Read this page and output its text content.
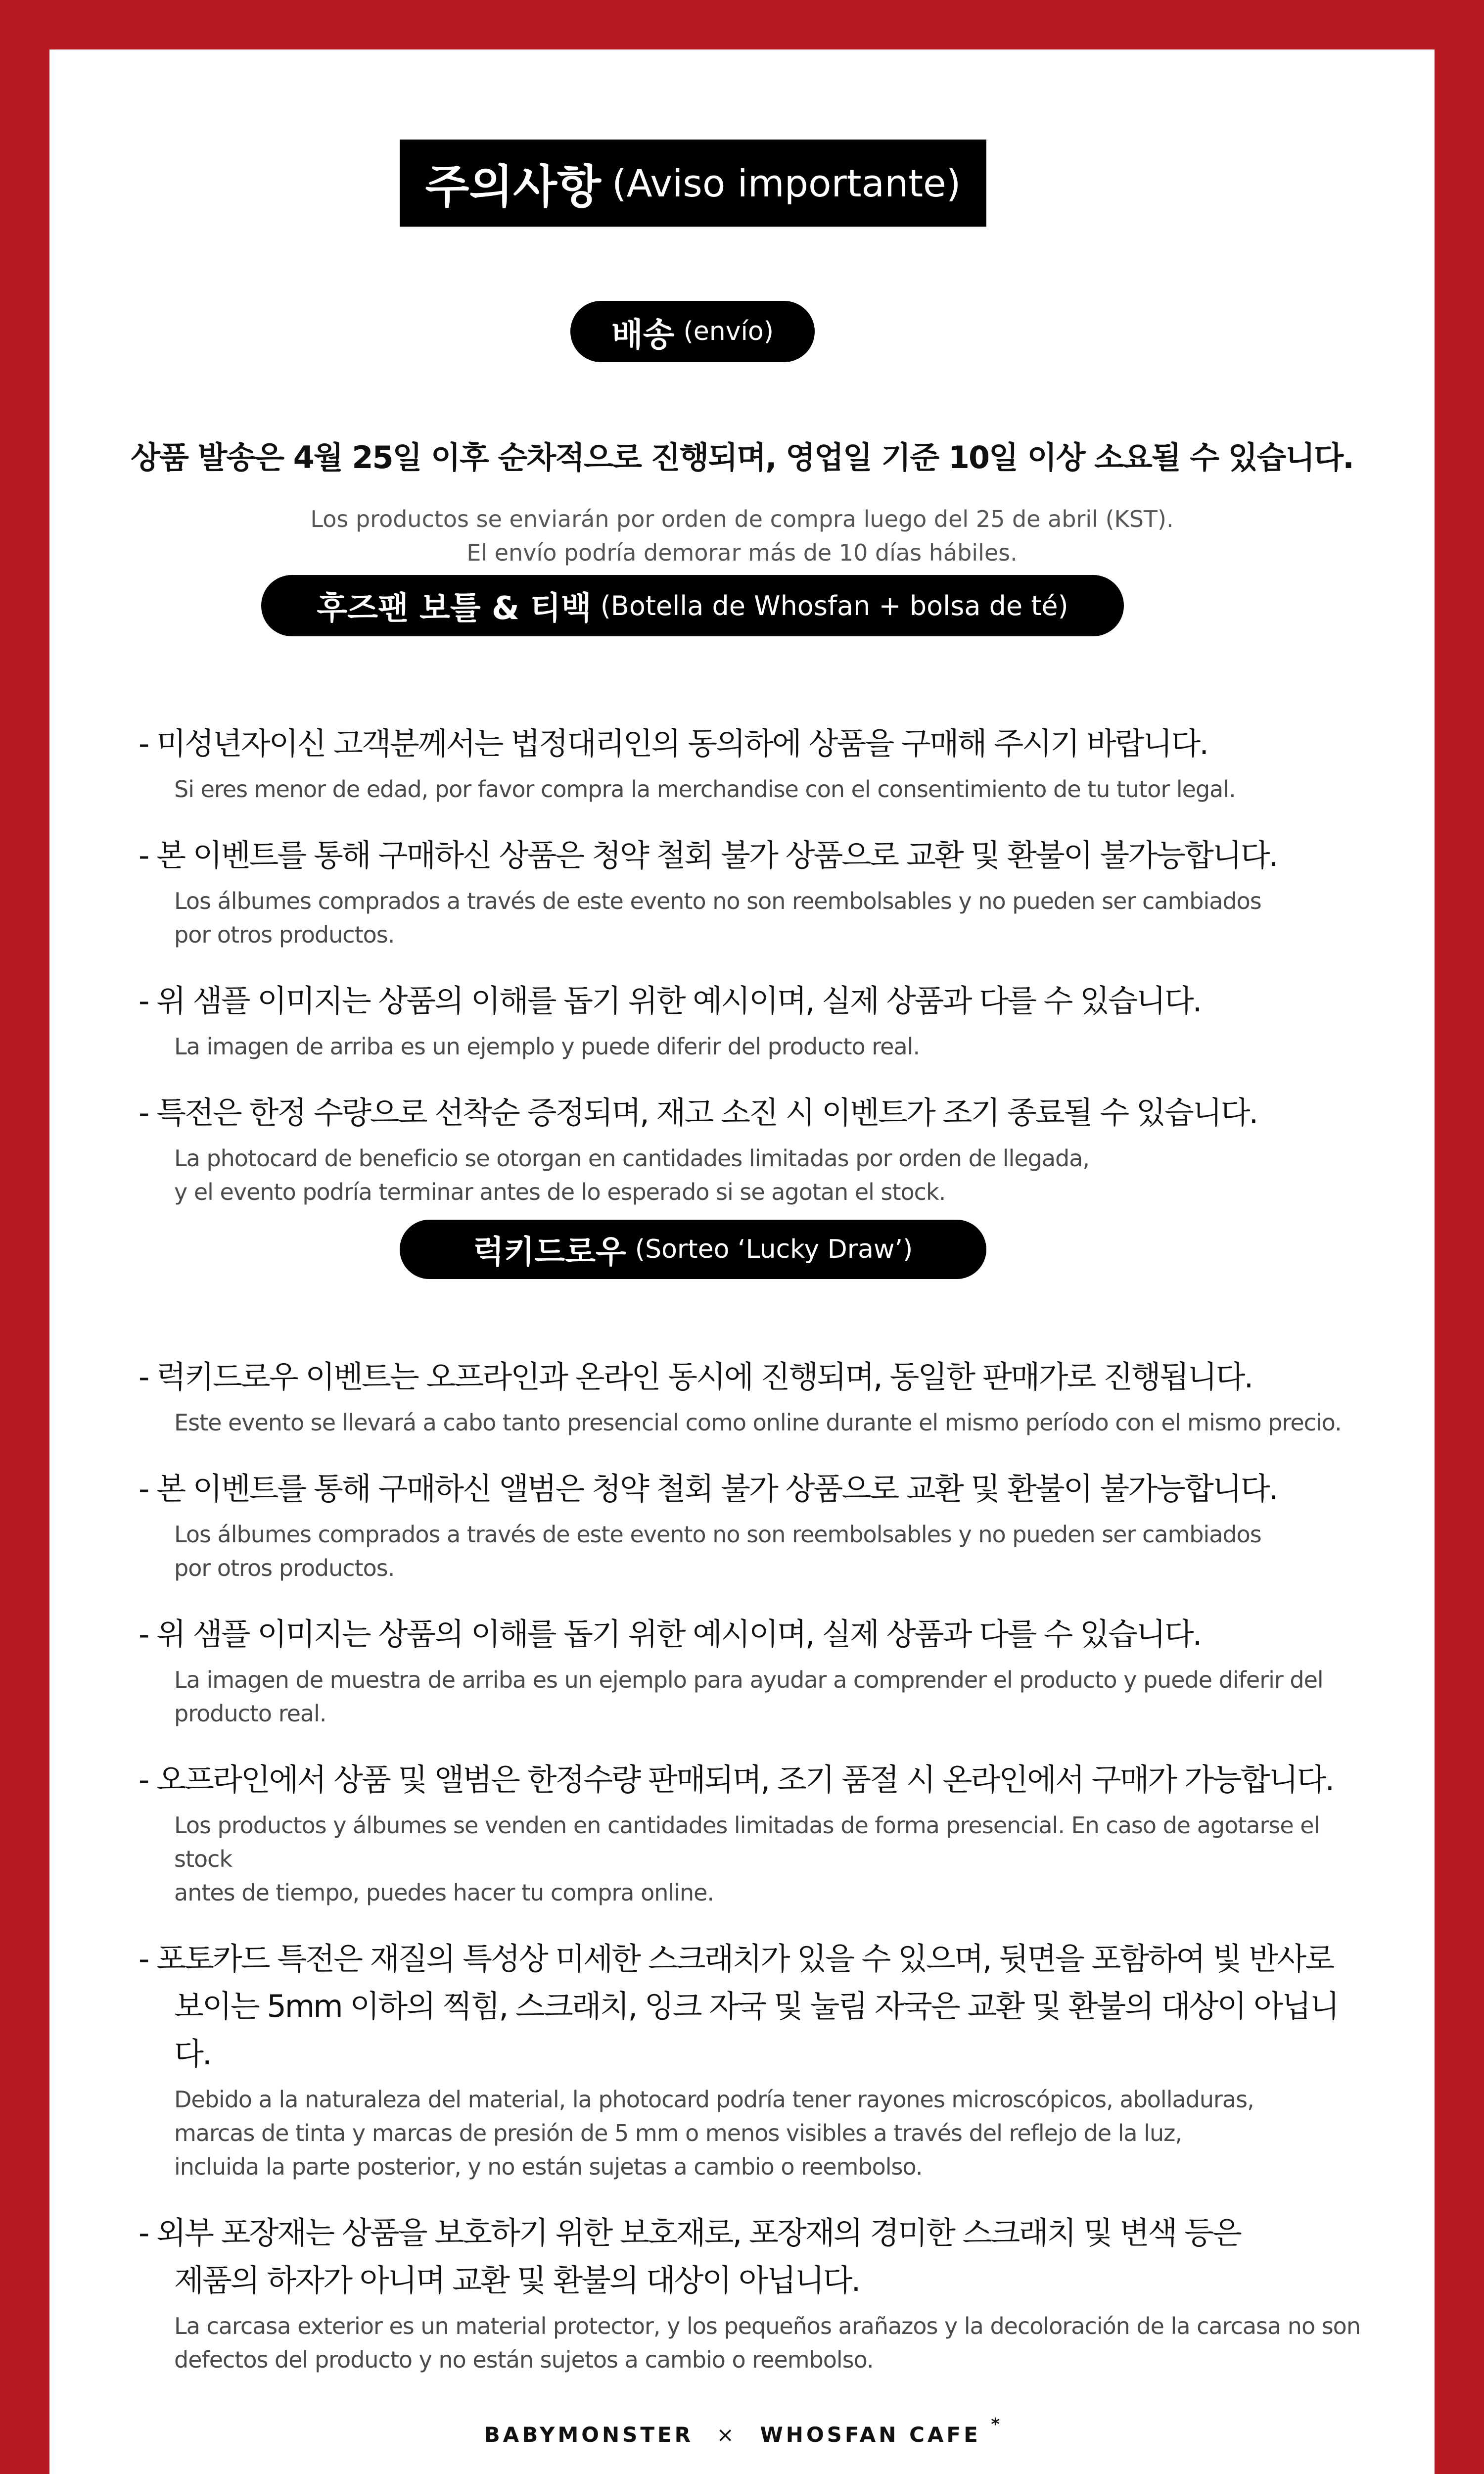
주의사항 (Aviso importante)
배송 (envío)
상품 발송은 4월 25일 이후 순차적으로 진행되며, 영업일 기준 10일 이상 소요될 수 있습니다.
Los productos se enviarán por orden de compra luego del 25 de abril (KST).
El envío podría demorar más de 10 días hábiles.
후즈팬 보틀 & 티백 (Botella de Whosfan + bolsa de té)
- 미성년자이신 고객분께서는 법정대리인의 동의하에 상품을 구매해 주시기 바랍니다.
Si eres menor de edad, por favor compra la merchandise con el consentimiento de tu tutor legal.
- 본 이벤트를 통해 구매하신 상품은 청약 철회 불가 상품으로 교환 및 환불이 불가능합니다.
Los álbumes comprados a través de este evento no son reembolsables y no pueden ser cambiados
por otros productos.
- 위 샘플 이미지는 상품의 이해를 돕기 위한 예시이며, 실제 상품과 다를 수 있습니다.
La imagen de arriba es un ejemplo y puede diferir del producto real.
- 특전은 한정 수량으로 선착순 증정되며, 재고 소진 시 이벤트가 조기 종료될 수 있습니다.
La photocard de beneficio se otorgan en cantidades limitadas por orden de llegada,
y el evento podría terminar antes de lo esperado si se agotan el stock.
럭키드로우 (Sorteo ‘Lucky Draw’)
- 럭키드로우 이벤트는 오프라인과 온라인 동시에 진행되며, 동일한 판매가로 진행됩니다.
Este evento se llevará a cabo tanto presencial como online durante el mismo período con el mismo precio.
- 본 이벤트를 통해 구매하신 앨범은 청약 철회 불가 상품으로 교환 및 환불이 불가능합니다.
Los álbumes comprados a través de este evento no son reembolsables y no pueden ser cambiados
por otros productos.
- 위 샘플 이미지는 상품의 이해를 돕기 위한 예시이며, 실제 상품과 다를 수 있습니다.
La imagen de muestra de arriba es un ejemplo para ayudar a comprender el producto y puede diferir del
producto real.
- 오프라인에서 상품 및 앨범은 한정수량 판매되며, 조기 품절 시 온라인에서 구매가 가능합니다.
Los productos y álbumes se venden en cantidades limitadas de forma presencial. En caso de agotarse el stock
antes de tiempo, puedes hacer tu compra online.
- 포토카드 특전은 재질의 특성상 미세한 스크래치가 있을 수 있으며, 뒷면을 포함하여 빛 반사로
보이는 5mm 이하의 찍힘, 스크래치, 잉크 자국 및 눌림 자국은 교환 및 환불의 대상이 아닙니다.
Debido a la naturaleza del material, la photocard podría tener rayones microscópicos, abolladuras,
marcas de tinta y marcas de presión de 5 mm o menos visibles a través del reflejo de la luz,
incluida la parte posterior, y no están sujetas a cambio o reembolso.
- 외부 포장재는 상품을 보호하기 위한 보호재로, 포장재의 경미한 스크래치 및 변색 등은
제품의 하자가 아니며 교환 및 환불의 대상이 아닙니다.
La carcasa exterior es un material protector, y los pequeños arañazos y la decoloración de la carcasa no son
defectos del producto y no están sujetos a cambio o reembolso.
BABYMONSTER × WHOSFAN CAFE *
